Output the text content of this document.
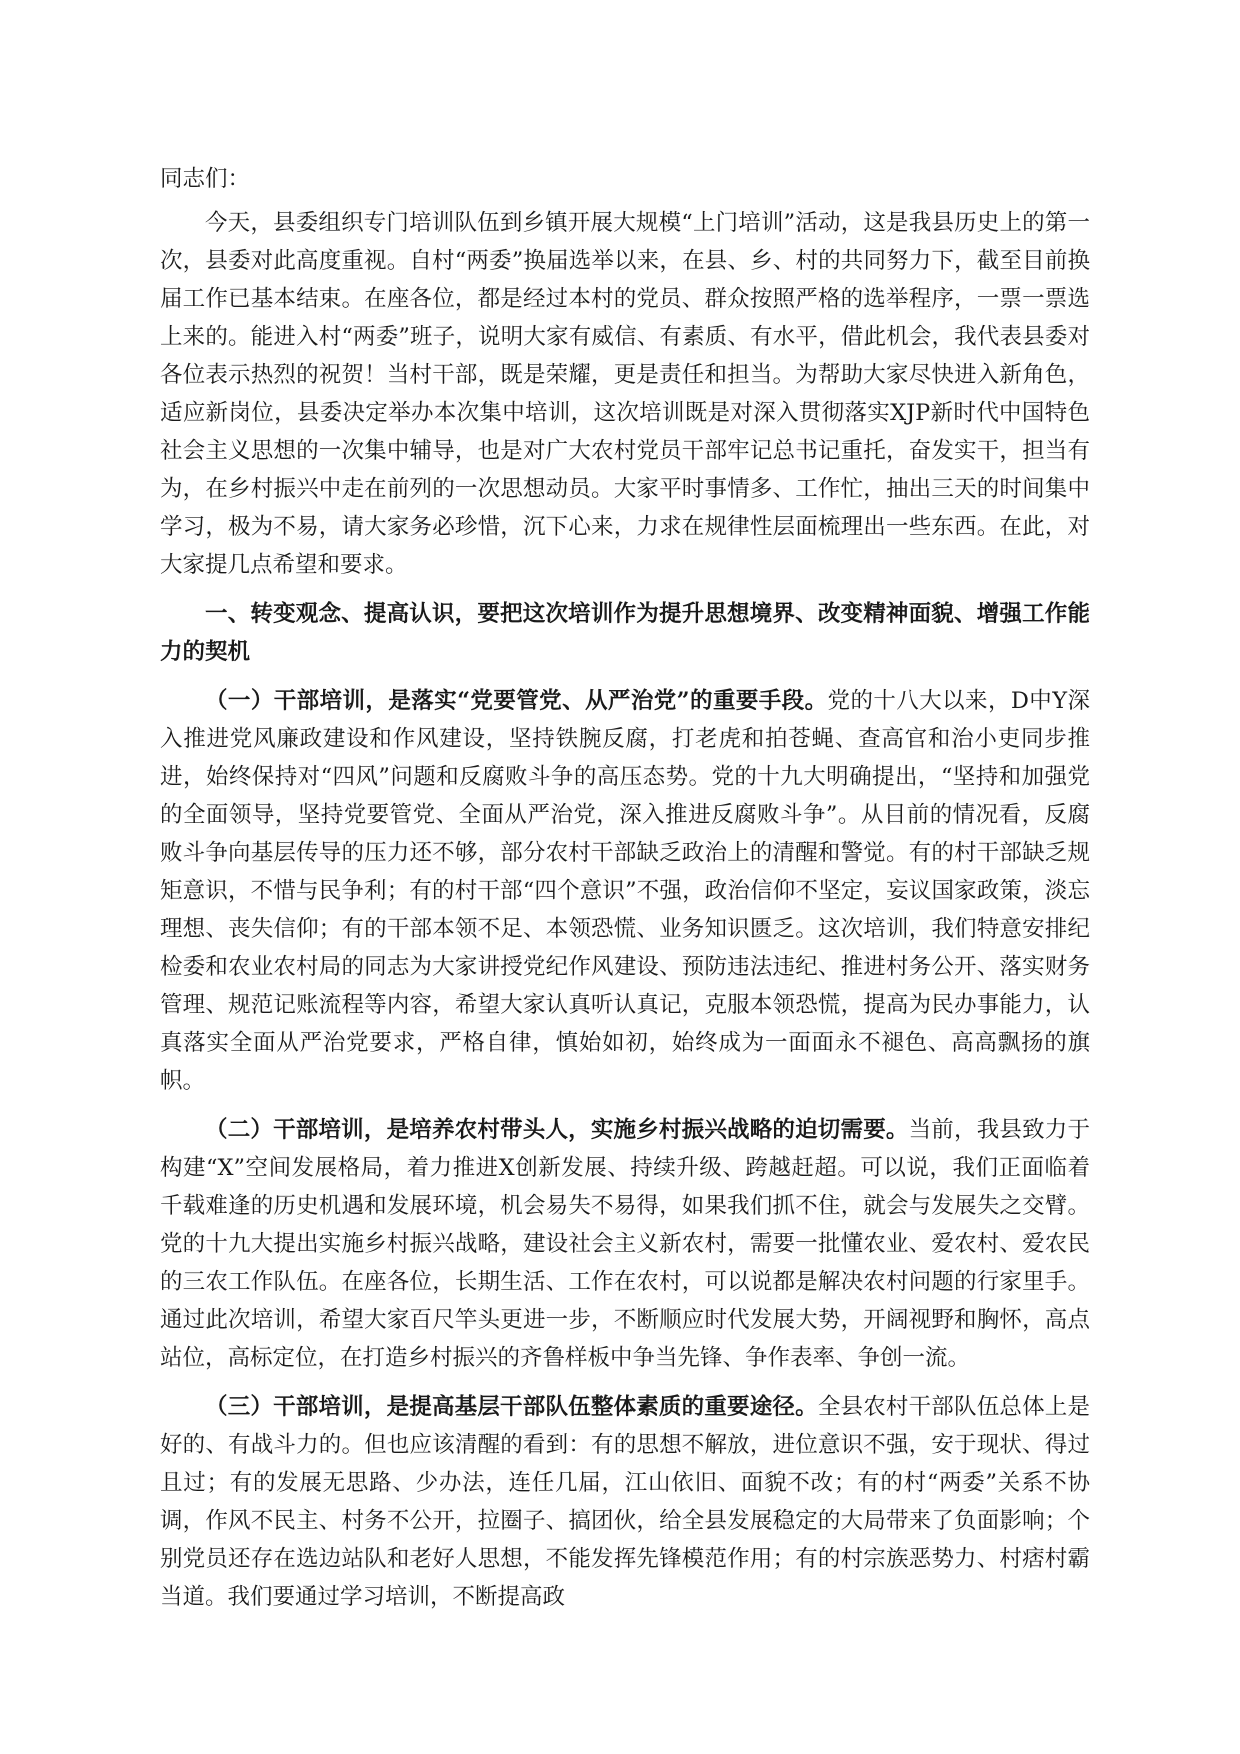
同志们：

今天，县委组织专门培训队伍到乡镇开展大规模“上门培训”活动，这是我县历史上的第一次，县委对此高度重视。自村“两委”换届选举以来，在县、乡、村的共同努力下，截至目前换届工作已基本结束。在座各位，都是经过本村的党员、群众按照严格的选举程序，一票一票选上来的。能进入村“两委”班子，说明大家有威信、有素质、有水平，借此机会，我代表县委对各位表示热烈的祝贺！当村干部，既是荣耀，更是责任和担当。为帮助大家尽快进入新角色，适应新岗位，县委决定举办本次集中培训，这次培训既是对深入贯彻落实XJP新时代中国特色社会主义思想的一次集中辅导，也是对广大农村党员干部牢记总书记重托，奋发实干，担当有为，在乡村振兴中走在前列的一次思想动员。大家平时事情多、工作忙，抽出三天的时间集中学习，极为不易，请大家务必珍惜，沉下心来，力求在规律性层面梳理出一些东西。在此，对大家提几点希望和要求。

一、转变观念、提高认识，要把这次培训作为提升思想境界、改变精神面貌、增强工作能力的契机

（一）干部培训，是落实“党要管党、从严治党”的重要手段。党的十八大以来，D中Y深入推进党风廉政建设和作风建设，坚持铁腕反腐，打老虎和拍苍蝇、查高官和治小吏同步推进，始终保持对“四风”问题和反腐败斗争的高压态势。党的十九大明确提出，“坚持和加强党的全面领导，坚持党要管党、全面从严治党，深入推进反腐败斗争”。从目前的情况看，反腐败斗争向基层传导的压力还不够，部分农村干部缺乏政治上的清醒和警觉。有的村干部缺乏规矩意识，不惜与民争利；有的村干部“四个意识”不强，政治信仰不坚定，妄议国家政策，淡忘理想、丧失信仰；有的干部本领不足、本领恐慌、业务知识匮乏。这次培训，我们特意安排纪检委和农业农村局的同志为大家讲授党纪作风建设、预防违法违纪、推进村务公开、落实财务管理、规范记账流程等内容，希望大家认真听认真记，克服本领恐慌，提高为民办事能力，认真落实全面从严治党要求，严格自律，慎始如初，始终成为一面面永不褪色、高高飘扬的旗帜。

（二）干部培训，是培养农村带头人，实施乡村振兴战略的迫切需要。当前，我县致力于构建“X”空间发展格局，着力推进X创新发展、持续升级、跨越赶超。可以说，我们正面临着千载难逢的历史机遇和发展环境，机会易失不易得，如果我们抓不住，就会与发展失之交臂。党的十九大提出实施乡村振兴战略，建设社会主义新农村，需要一批懂农业、爱农村、爱农民的三农工作队伍。在座各位，长期生活、工作在农村，可以说都是解决农村问题的行家里手。通过此次培训，希望大家百尺竿头更进一步，不断顺应时代发展大势，开阔视野和胸怀，高点站位，高标定位，在打造乡村振兴的齐鲁样板中争当先锋、争作表率、争创一流。

（三）干部培训，是提高基层干部队伍整体素质的重要途径。全县农村干部队伍总体上是好的、有战斗力的。但也应该清醒的看到：有的思想不解放，进位意识不强，安于现状、得过且过；有的发展无思路、少办法，连任几届，江山依旧、面貌不改；有的村“两委”关系不协调，作风不民主、村务不公开，拉圈子、搞团伙，给全县发展稳定的大局带来了负面影响；个别党员还存在选边站队和老好人思想，不能发挥先锋模范作用；有的村宗族恶势力、村痞村霸当道。我们要通过学习培训，不断提高政
